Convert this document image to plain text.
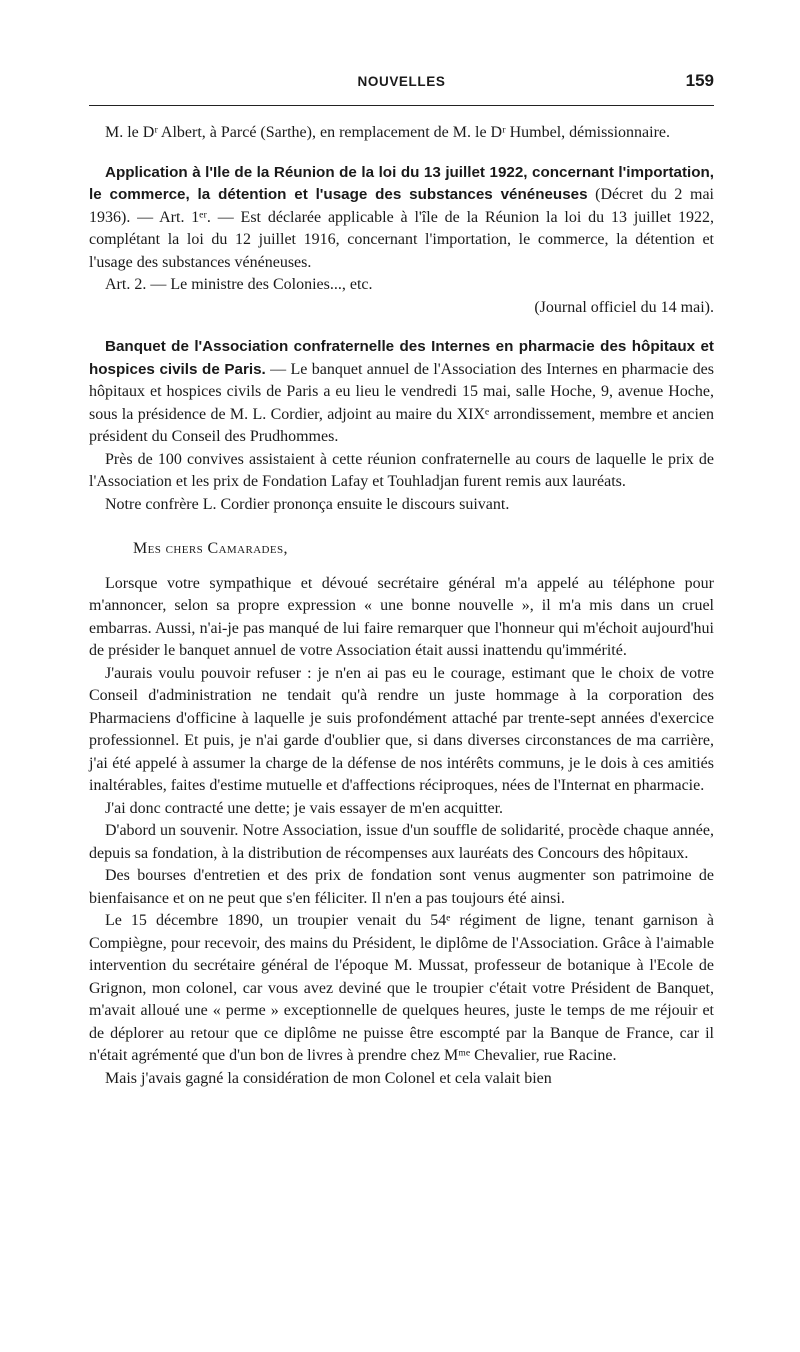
NOUVELLES	159

M. le Dʳ Albert, à Parcé (Sarthe), en remplacement de M. le Dʳ Humbel, démissionnaire.

Application à l'Ile de la Réunion de la loi du 13 juillet 1922, concernant l'importation, le commerce, la détention et l'usage des substances vénéneuses (Décret du 2 mai 1936). — Art. 1ᵉʳ. — Est déclarée applicable à l'île de la Réunion la loi du 13 juillet 1922, complétant la loi du 12 juillet 1916, concernant l'importation, le commerce, la détention et l'usage des substances vénéneuses.

Art. 2. — Le ministre des Colonies..., etc.

(Journal officiel du 14 mai).

Banquet de l'Association confraternelle des Internes en pharmacie des hôpitaux et hospices civils de Paris. — Le banquet annuel de l'Association des Internes en pharmacie des hôpitaux et hospices civils de Paris a eu lieu le vendredi 15 mai, salle Hoche, 9, avenue Hoche, sous la présidence de M. L. Cordier, adjoint au maire du XIXᵉ arrondissement, membre et ancien président du Conseil des Prudhommes.

Près de 100 convives assistaient à cette réunion confraternelle au cours de laquelle le prix de l'Association et les prix de Fondation Lafay et Touhladjan furent remis aux lauréats.

Notre confrère L. Cordier prononça ensuite le discours suivant.

Mes chers Camarades,

Lorsque votre sympathique et dévoué secrétaire général m'a appelé au téléphone pour m'annoncer, selon sa propre expression « une bonne nouvelle », il m'a mis dans un cruel embarras. Aussi, n'ai-je pas manqué de lui faire remarquer que l'honneur qui m'échoit aujourd'hui de présider le banquet annuel de votre Association était aussi inattendu qu'immérité.

J'aurais voulu pouvoir refuser : je n'en ai pas eu le courage, estimant que le choix de votre Conseil d'administration ne tendait qu'à rendre un juste hommage à la corporation des Pharmaciens d'officine à laquelle je suis profondément attaché par trente-sept années d'exercice professionnel. Et puis, je n'ai garde d'oublier que, si dans diverses circonstances de ma carrière, j'ai été appelé à assumer la charge de la défense de nos intérêts communs, je le dois à ces amitiés inaltérables, faites d'estime mutuelle et d'affections réciproques, nées de l'Internat en pharmacie.

J'ai donc contracté une dette; je vais essayer de m'en acquitter.

D'abord un souvenir. Notre Association, issue d'un souffle de solidarité, procède chaque année, depuis sa fondation, à la distribution de récompenses aux lauréats des Concours des hôpitaux.

Des bourses d'entretien et des prix de fondation sont venus augmenter son patrimoine de bienfaisance et on ne peut que s'en féliciter. Il n'en a pas toujours été ainsi.

Le 15 décembre 1890, un troupier venait du 54ᵉ régiment de ligne, tenant garnison à Compiègne, pour recevoir, des mains du Président, le diplôme de l'Association. Grâce à l'aimable intervention du secrétaire général de l'époque M. Mussat, professeur de botanique à l'Ecole de Grignon, mon colonel, car vous avez deviné que le troupier c'était votre Président de Banquet, m'avait alloué une « perme » exceptionnelle de quelques heures, juste le temps de me réjouir et de déplorer au retour que ce diplôme ne puisse être escompté par la Banque de France, car il n'était agrémenté que d'un bon de livres à prendre chez Mᵐᵉ Chevalier, rue Racine.

Mais j'avais gagné la considération de mon Colonel et cela valait bien
